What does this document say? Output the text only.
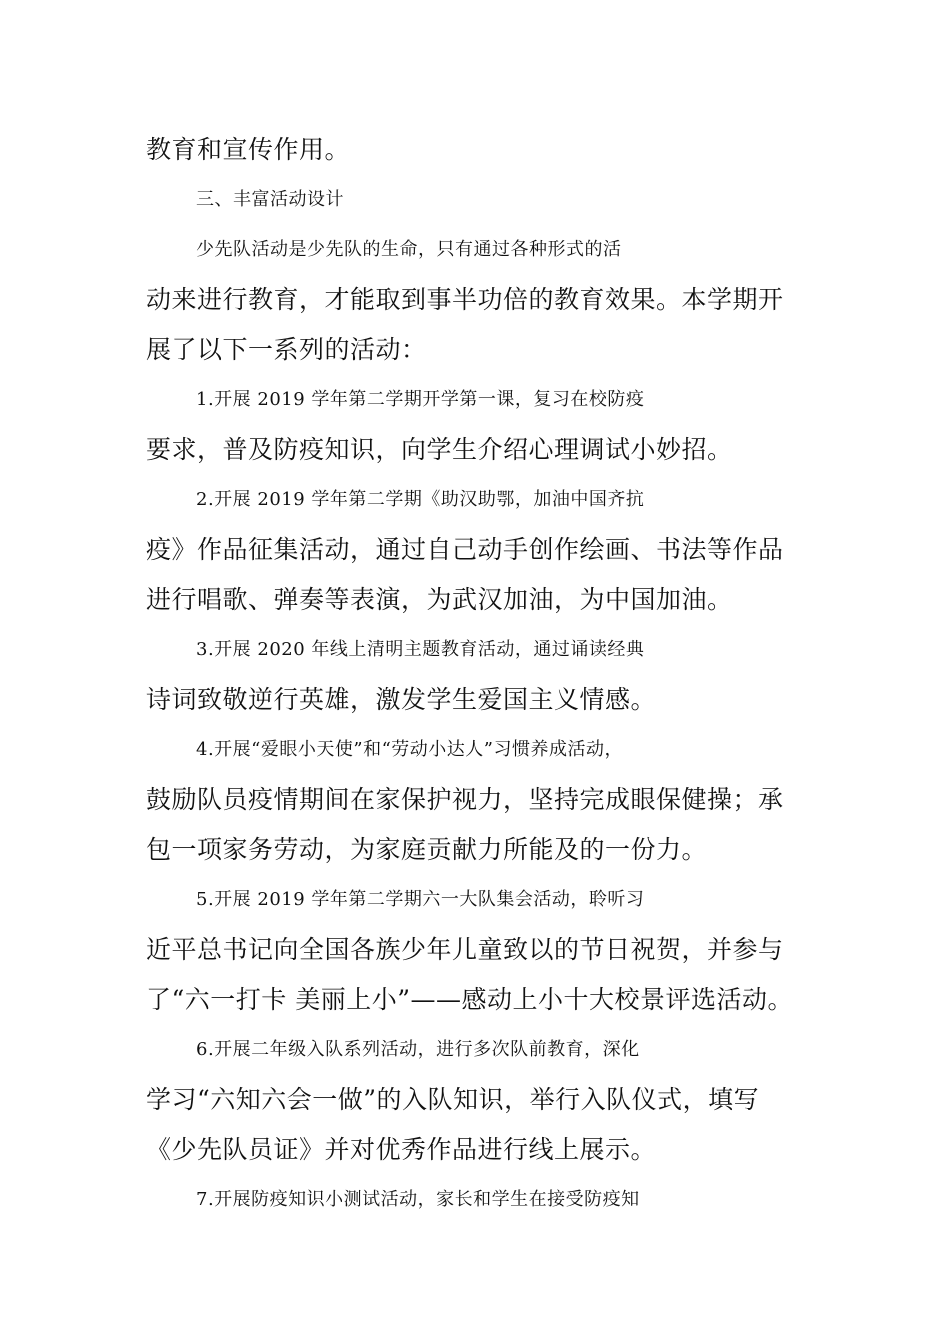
教育和宣传作用。
三、丰富活动设计
少先队活动是少先队的生命，只有通过各种形式的活
动来进行教育，才能取到事半功倍的教育效果。本学期开
展了以下一系列的活动：
1.开展 2019 学年第二学期开学第一课，复习在校防疫
要求，普及防疫知识，向学生介绍心理调试小妙招。
2.开展 2019 学年第二学期《助汉助鄂，加油中国齐抗
疫》作品征集活动，通过自己动手创作绘画、书法等作品
进行唱歌、弹奏等表演，为武汉加油，为中国加油。
3.开展 2020 年线上清明主题教育活动，通过诵读经典
诗词致敬逆行英雄，激发学生爱国主义情感。
4.开展“爱眼小天使”和“劳动小达人”习惯养成活动，
鼓励队员疫情期间在家保护视力，坚持完成眼保健操；承
包一项家务劳动，为家庭贡献力所能及的一份力。
5.开展 2019 学年第二学期六一大队集会活动，聆听习
近平总书记向全国各族少年儿童致以的节日祝贺，并参与
了“六一打卡 美丽上小”——感动上小十大校景评选活动。
6.开展二年级入队系列活动，进行多次队前教育，深化
学习“六知六会一做”的入队知识，举行入队仪式，填写
《少先队员证》并对优秀作品进行线上展示。
7.开展防疫知识小测试活动，家长和学生在接受防疫知
